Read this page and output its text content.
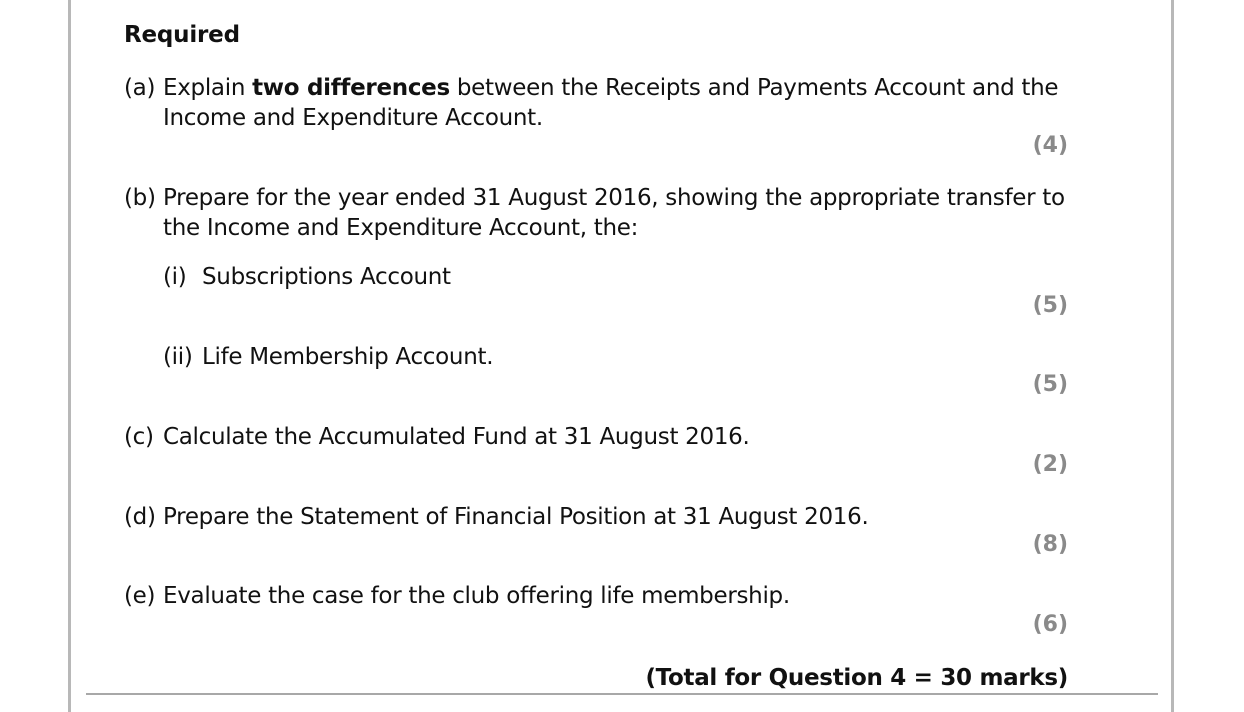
Required
(a) Explain two differences between the Receipts and Payments Account and the
Income and Expenditure Account.
(4)
(b) Prepare for the year ended 31 August 2016, showing the appropriate transfer to
the Income and Expenditure Account, the:
(i) Subscriptions Account
(5)
(ii) Life Membership Account.
(5)
(c) Calculate the Accumulated Fund at 31 August 2016.
(2)
(d) Prepare the Statement of Financial Position at 31 August 2016.
(8)
(e) Evaluate the case for the club offering life membership.
(6)
(Total for Question 4 = 30 marks)
